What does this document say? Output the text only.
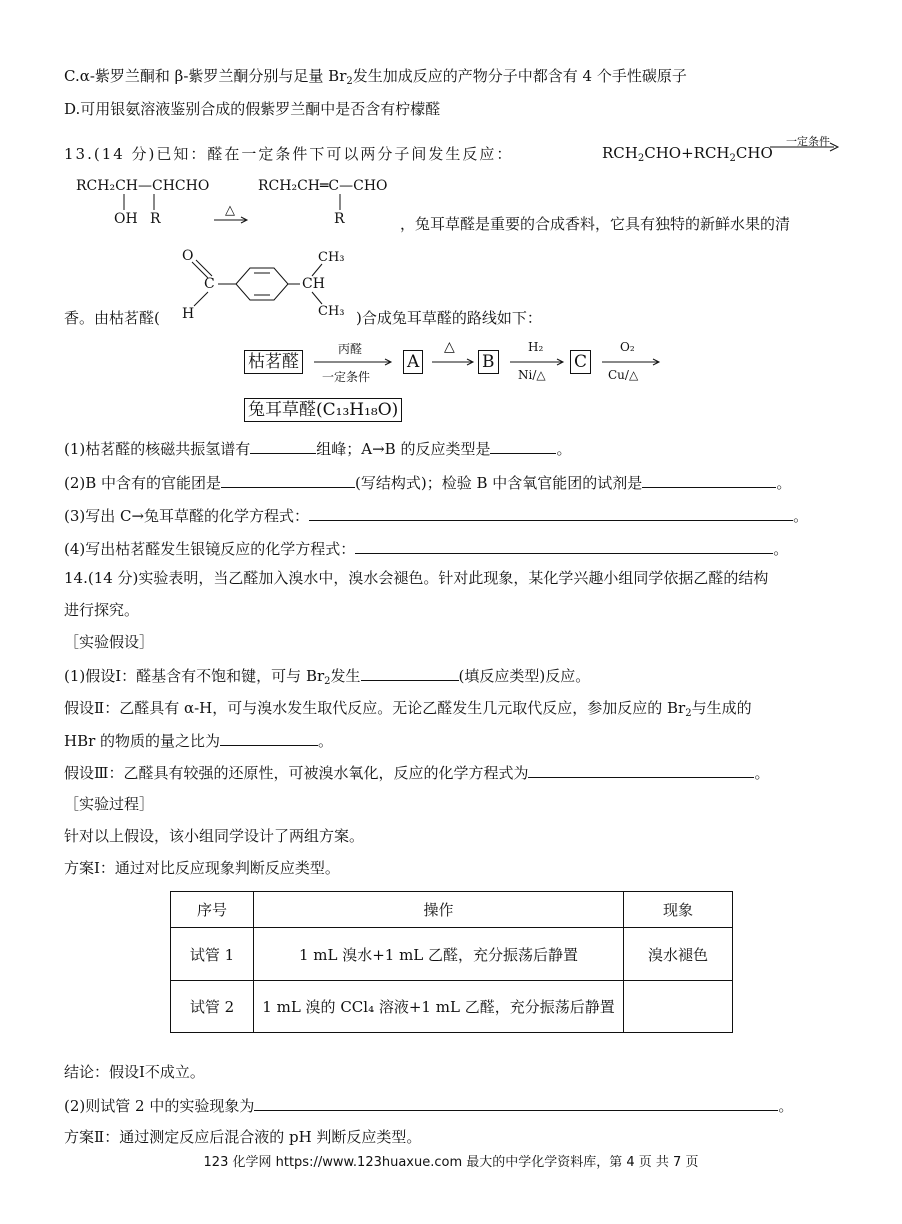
C.α-紫罗兰酮和 β-紫罗兰酮分别与足量 $Br_2$发生加成反应的产物分子中都含有 4 个手性碳原子
D.可用银氨溶液鉴别合成的假紫罗兰酮中是否含有柠檬醛
13.(14 分)已知：醛在一定条件下可以两分子间发生反应：	$RCH_2CHO+RCH_2CHO$
一定条件
RCH₂CH—CHCHO
OH R
△
RCH₂CH═C—CHO
R	，兔耳草醛是重要的合成香料，它具有独特的新鲜水果的清
O
C
H
CH₃
CH
CH₃
香。由枯茗醛(	)合成兔耳草醛的路线如下：
枯茗醛
丙醛
一定条件
A
△
B
H₂
Ni/△
C
O₂
Cu/△
兔耳草醛(C₁₃H₁₈O)
(1)枯茗醛的核磁共振氢谱有	组峰；A→B 的反应类型是	。
(2)B 中含有的官能团是	(写结构式)；检验 B 中含氧官能团的试剂是	。
(3)写出 C→兔耳草醛的化学方程式：	。
(4)写出枯茗醛发生银镜反应的化学方程式：	。
14.(14 分)实验表明，当乙醛加入溴水中，溴水会褪色。针对此现象，某化学兴趣小组同学依据乙醛的结构
进行探究。
［实验假设］
(1)假设Ⅰ：醛基含有不饱和键，可与 $Br_2$发生	(填反应类型)反应。
假设Ⅱ：乙醛具有 α-H，可与溴水发生取代反应。无论乙醛发生几元取代反应，参加反应的 $Br_2$与生成的
HBr 的物质的量之比为	。
假设Ⅲ：乙醛具有较强的还原性，可被溴水氧化，反应的化学方程式为	。
［实验过程］
针对以上假设，该小组同学设计了两组方案。
方案Ⅰ：通过对比反应现象判断反应类型。
序号	操作	现象
试管 1	1 mL 溴水+1 mL 乙醛，充分振荡后静置	溴水褪色
试管 2	1 mL 溴的 CCl₄ 溶液+1 mL 乙醛，充分振荡后静置	
结论：假设Ⅰ不成立。
(2)则试管 2 中的实验现象为	。
方案Ⅱ：通过测定反应后混合液的 pH 判断反应类型。
123 化学网 https://www.123huaxue.com 最大的中学化学资料库，第 4 页 共 7 页
